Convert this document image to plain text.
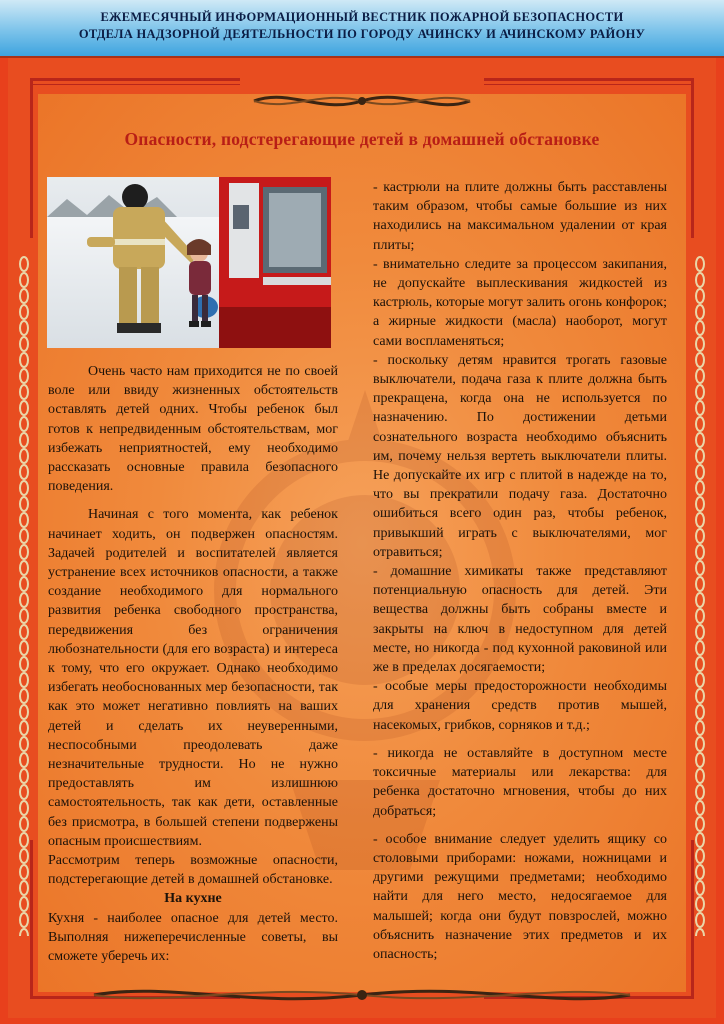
ЕЖЕМЕСЯЧНЫЙ ИНФОРМАЦИОННЫЙ ВЕСТНИК ПОЖАРНОЙ БЕЗОПАСНОСТИ
ОТДЕЛА НАДЗОРНОЙ ДЕЯТЕЛЬНОСТИ ПО ГОРОДУ АЧИНСКУ И АЧИНСКОМУ РАЙОНУ
Опасности, подстерегающие детей в домашней обстановке

Очень часто нам приходится не по своей воле или ввиду жизненных обстоятельств оставлять детей одних. Чтобы ребенок был готов к непредвиденным обстоятельствам, мог избежать неприятностей, ему необходимо рассказать основные правила безопасного поведения.

Начиная с того момента, как ребенок начинает ходить, он подвержен опасностям. Задачей родителей и воспитателей является устранение всех источников опасности, а также создание необходимого для нормального развития ребенка свободного пространства, передвижения без ограничения любознательности (для его возраста) и интереса к тому, что его окружает. Однако необходимо избегать необоснованных мер безопасности, так как это может негативно повлиять на ваших детей и сделать их неуверенными, неспособными преодолевать даже незначительные трудности. Но не нужно предоставлять им излишнюю самостоятельность, так как дети, оставленные без присмотра, в большей степени подвержены опасным происшествиям.

Рассмотрим теперь возможные опасности, подстерегающие детей в домашней обстановке.

На кухне

Кухня - наиболее опасное для детей место. Выполняя нижеперечисленные советы, вы сможете уберечь их:

- кастрюли на плите должны быть расставлены таким образом, чтобы самые большие из них находились на максимальном удалении от края плиты;

- внимательно следите за процессом закипания, не допускайте выплескивания жидкостей из кастрюль, которые могут залить огонь конфорок; а жирные жидкости (масла) наоборот, могут сами воспламеняться;

- поскольку детям нравится трогать газовые выключатели, подача газа к плите должна быть прекращена, когда она не используется по назначению. По достижении детьми сознательного возраста необходимо объяснить им, почему нельзя вертеть выключатели плиты. Не допускайте их игр с плитой в надежде на то, что вы прекратили подачу газа. Достаточно ошибиться всего один раз, чтобы ребенок, привыкший играть с выключателями, мог отравиться;

- домашние химикаты также представляют потенциальную опасность для детей. Эти вещества должны быть собраны вместе и закрыты на ключ в недоступном для детей месте, но никогда - под кухонной раковиной или же в пределах досягаемости;

- особые меры предосторожности необходимы для хранения средств против мышей, насекомых, грибков, сорняков и т.д.;

- никогда не оставляйте в доступном месте токсичные материалы или лекарства: для ребенка достаточно мгновения, чтобы до них добраться;

- особое внимание следует уделить ящику со столовыми приборами: ножами, ножницами и другими режущими предметами; необходимо найти для него место, недосягаемое для малышей; когда они будут повзрослей, можно объяснить назначение этих предметов и их опасность;
